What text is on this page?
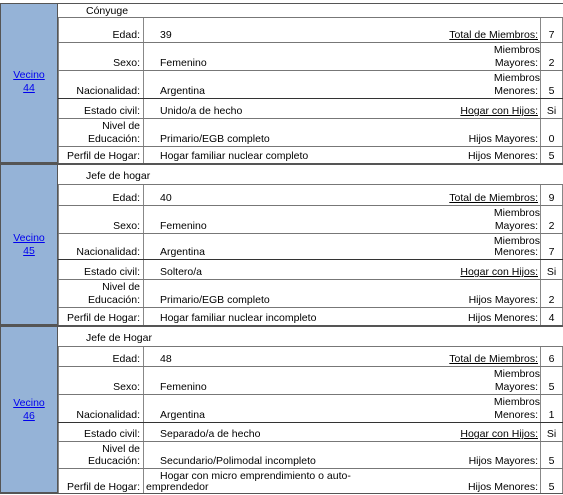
Vecino
44
Cónyuge
Edad: 39	Total de Miembros:	7
Sexo: Femenino
Miembros
Mayores:	2
Nacionalidad: Argentina
Miembros
Menores:	5
Estado civil: Unido/a de hecho	Hogar con Hijos: Si
Nivel de
Educación: Primario/EGB completo	Hijos Mayores:	0
Perfil de Hogar: Hogar familiar nuclear completo	Hijos Menores:	5
Vecino
45
Jefe de hogar
Edad: 40	Total de Miembros:	9
Sexo: Femenino
Miembros
Mayores:	2
Nacionalidad: Argentina
Miembros
Menores:	7
Estado civil: Soltero/a	Hogar con Hijos: Si
Nivel de
Educación: Primario/EGB completo	Hijos Mayores:	2
Perfil de Hogar: Hogar familiar nuclear incompleto	Hijos Menores:	4
Vecino
46
Jefe de Hogar
Edad: 48	Total de Miembros:	6
Sexo: Femenino
Miembros
Mayores:	5
Nacionalidad: Argentina
Miembros
Menores:	1
Estado civil: Separado/a de hecho	Hogar con Hijos: Si
Nivel de
Educación: Secundario/Polimodal incompleto	Hijos Mayores:	5
Perfil de Hogar:
Hogar con micro emprendimiento o auto-
emprendedor	Hijos Menores:	5
